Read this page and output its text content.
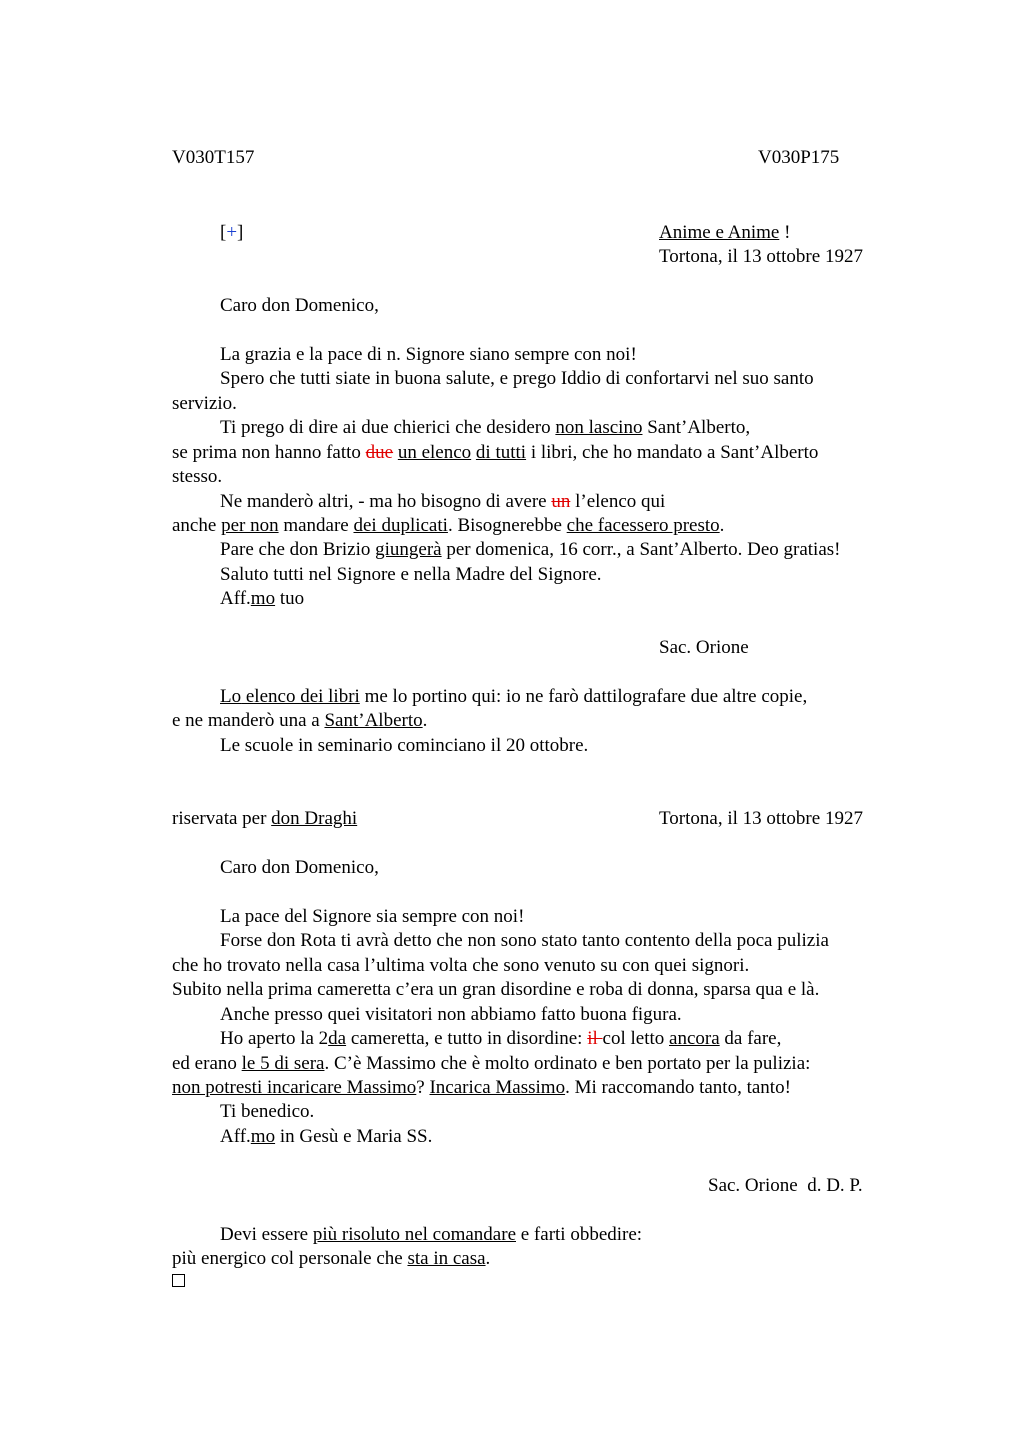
V030T157	V030P175
[+]	Anime e Anime !
Tortona, il 13 ottobre 1927
Caro don Domenico,
La grazia e la pace di n. Signore siano sempre con noi!
Spero che tutti siate in buona salute, e prego Iddio di confortarvi nel suo santo
servizio.
Ti prego di dire ai due chierici che desidero non lascino Sant’Alberto,
se prima non hanno fatto due un elenco di tutti i libri, che ho mandato a Sant’Alberto
stesso.
Ne manderò altri, - ma ho bisogno di avere un l’elenco qui
anche per non mandare dei duplicati. Bisognerebbe che facessero presto.
Pare che don Brizio giungerà per domenica, 16 corr., a Sant’Alberto. Deo gratias!
Saluto tutti nel Signore e nella Madre del Signore.
Aff.mo tuo
Sac. Orione
Lo elenco dei libri me lo portino qui: io ne farò dattilografare due altre copie,
e ne manderò una a Sant’Alberto.
Le scuole in seminario cominciano il 20 ottobre.
riservata per don Draghi	Tortona, il 13 ottobre 1927
Caro don Domenico,
La pace del Signore sia sempre con noi!
Forse don Rota ti avrà detto che non sono stato tanto contento della poca pulizia
che ho trovato nella casa l’ultima volta che sono venuto su con quei signori.
Subito nella prima cameretta c’era un gran disordine e roba di donna, sparsa qua e là.
Anche presso quei visitatori non abbiamo fatto buona figura.
Ho aperto la 2da cameretta, e tutto in disordine: il col letto ancora da fare,
ed erano le 5 di sera. C’è Massimo che è molto ordinato e ben portato per la pulizia:
non potresti incaricare Massimo? Incarica Massimo. Mi raccomando tanto, tanto!
Ti benedico.
Aff.mo in Gesù e Maria SS.
Sac. Orione  d. D. P.
Devi essere più risoluto nel comandare e farti obbedire:
più energico col personale che sta in casa.
